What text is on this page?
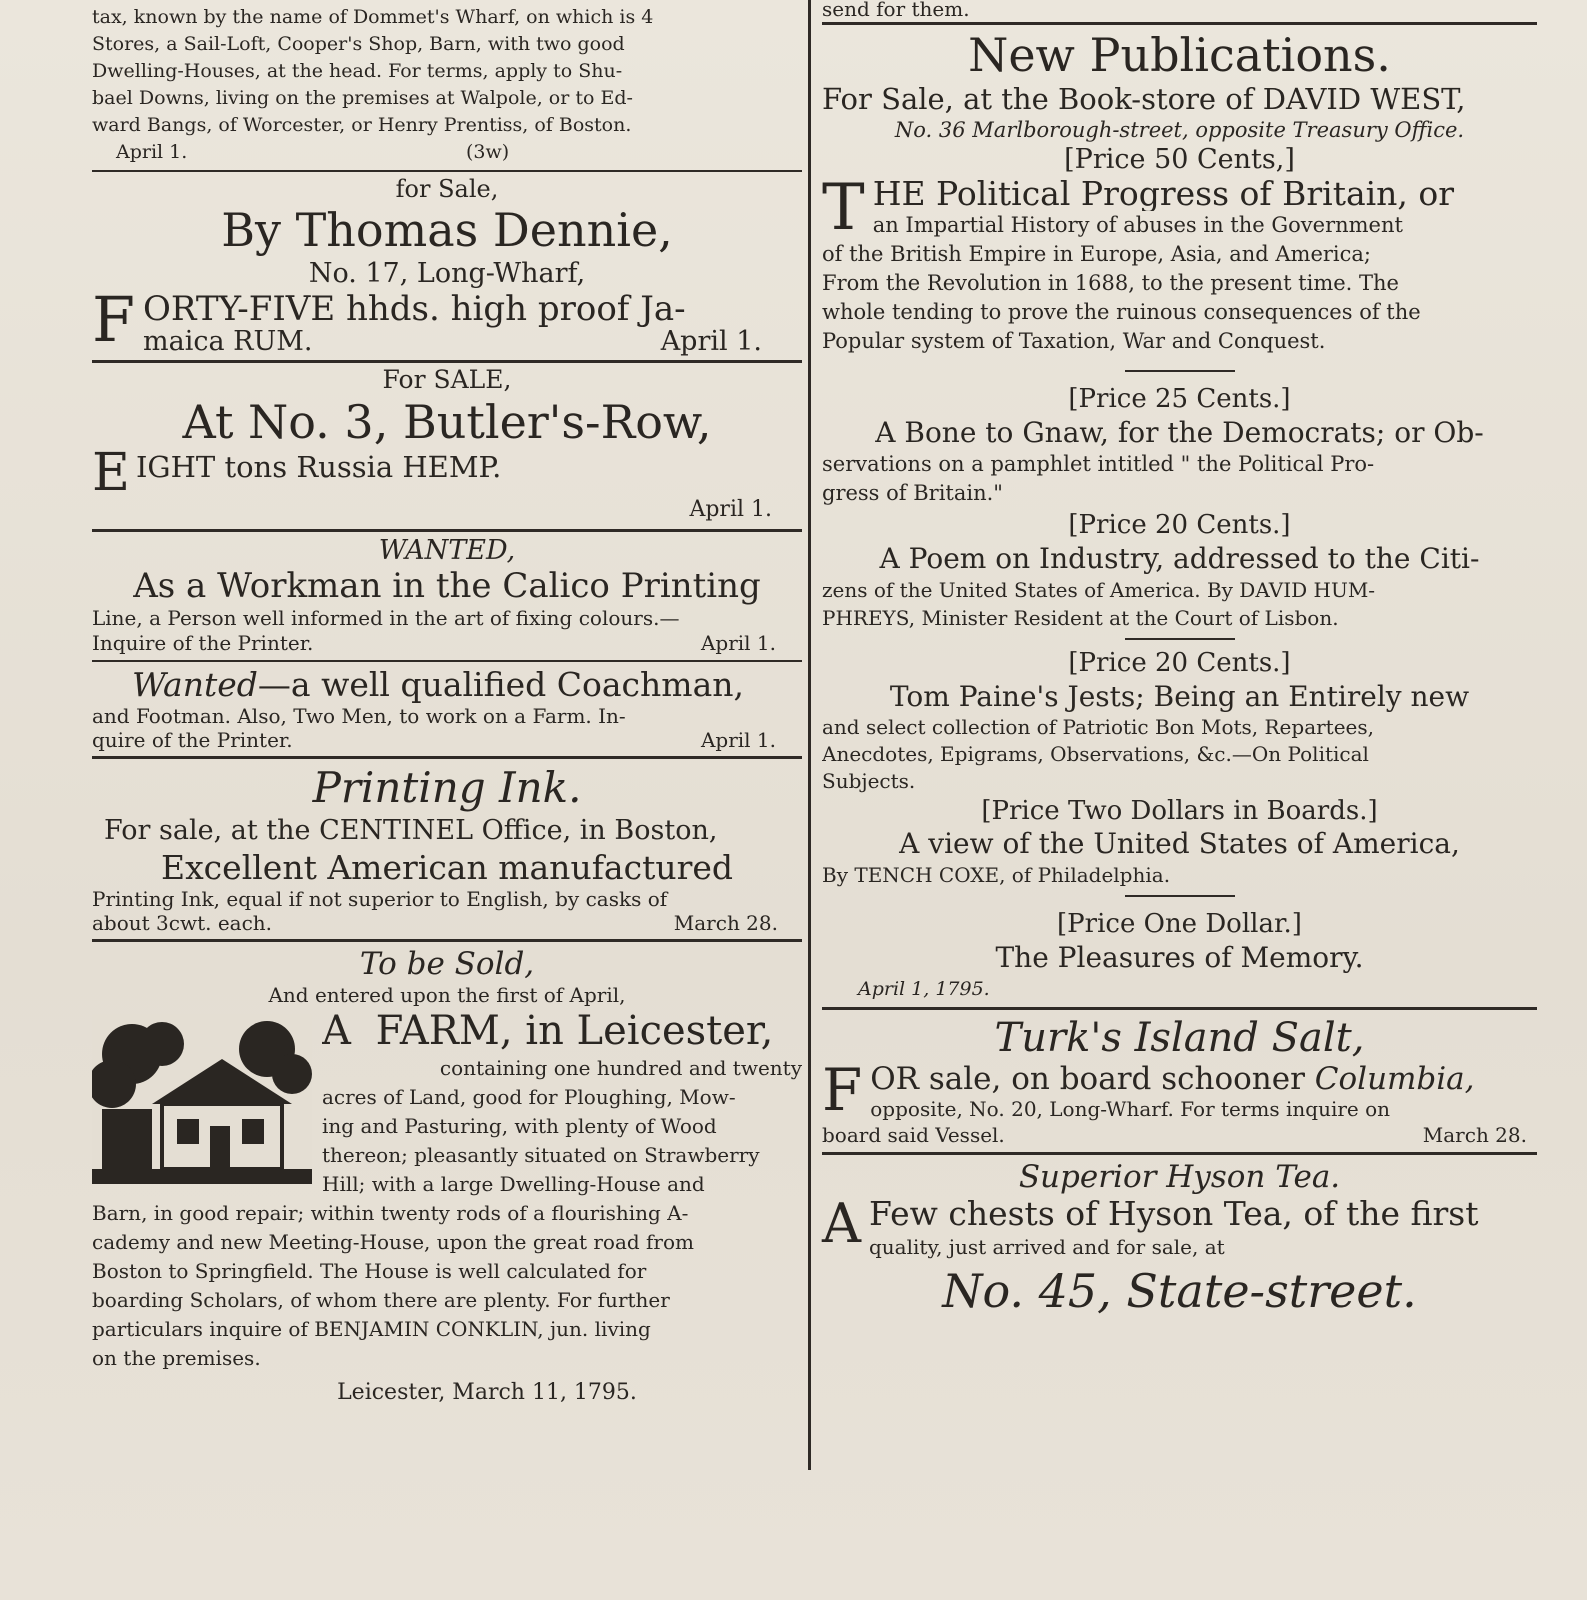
tax, known by the name of Dommet's Wharf, on which is 4
Stores, a Sail-Loft, Cooper's Shop, Barn, with two good
Dwelling-Houses, at the head. For terms, apply to Shu-
bael Downs, living on the premises at Walpole, or to Ed-
ward Bangs, of Worcester, or Henry Prentiss, of Boston.
April 1.	(3w)
for Sale,
By Thomas Dennie,
No. 17, Long-Wharf,
F ORTY-FIVE hhds. high proof Ja-
maica RUM.	April 1.
For SALE,
At No. 3, Butler's-Row,
E IGHT tons Russia HEMP.
April 1.
WANTED,
As a Workman in the Calico Printing
Line, a Person well informed in the art of fixing colours.—
Inquire of the Printer.	April 1.
Wanted—a well qualified Coachman,
and Footman. Also, Two Men, to work on a Farm. In-
quire of the Printer.	April 1.
Printing Ink.
For sale, at the CENTINEL Office, in Boston,
Excellent American manufactured
Printing Ink, equal if not superior to English, by casks of
about 3cwt. each.	March 28.
To be Sold,
And entered upon the first of April,
A FARM, in Leicester,
containing one hundred and twenty
acres of Land, good for Ploughing, Mow-
ing and Pasturing, with plenty of Wood
thereon; pleasantly situated on Strawberry
Hill; with a large Dwelling-House and
Barn, in good repair; within twenty rods of a flourishing A-
cademy and new Meeting-House, upon the great road from
Boston to Springfield. The House is well calculated for
boarding Scholars, of whom there are plenty. For further
particulars inquire of BENJAMIN CONKLIN, jun. living
on the premises.
Leicester, March 11, 1795.
send for them.
New Publications.
For Sale, at the Book-store of DAVID WEST,
No. 36 Marlborough-street, opposite Treasury Office.
[Price 50 Cents,]
T HE Political Progress of Britain, or
an Impartial History of abuses in the Government
of the British Empire in Europe, Asia, and America;
From the Revolution in 1688, to the present time. The
whole tending to prove the ruinous consequences of the
Popular system of Taxation, War and Conquest.
[Price 25 Cents.]
A Bone to Gnaw, for the Democrats; or Ob-
servations on a pamphlet intitled " the Political Pro-
gress of Britain."
[Price 20 Cents.]
A Poem on Industry, addressed to the Citi-
zens of the United States of America. By DAVID HUM-
PHREYS, Minister Resident at the Court of Lisbon.
[Price 20 Cents.]
Tom Paine's Jests; Being an Entirely new
and select collection of Patriotic Bon Mots, Repartees,
Anecdotes, Epigrams, Observations, &c.—On Political
Subjects.
[Price Two Dollars in Boards.]
A view of the United States of America,
By TENCH COXE, of Philadelphia.
[Price One Dollar.]
The Pleasures of Memory.
April 1, 1795.
Turk's Island Salt,
F OR sale, on board schooner Columbia,
opposite, No. 20, Long-Wharf. For terms inquire on
board said Vessel.	March 28.
Superior Hyson Tea.
A Few chests of Hyson Tea, of the first
quality, just arrived and for sale, at
No. 45, State-street.
